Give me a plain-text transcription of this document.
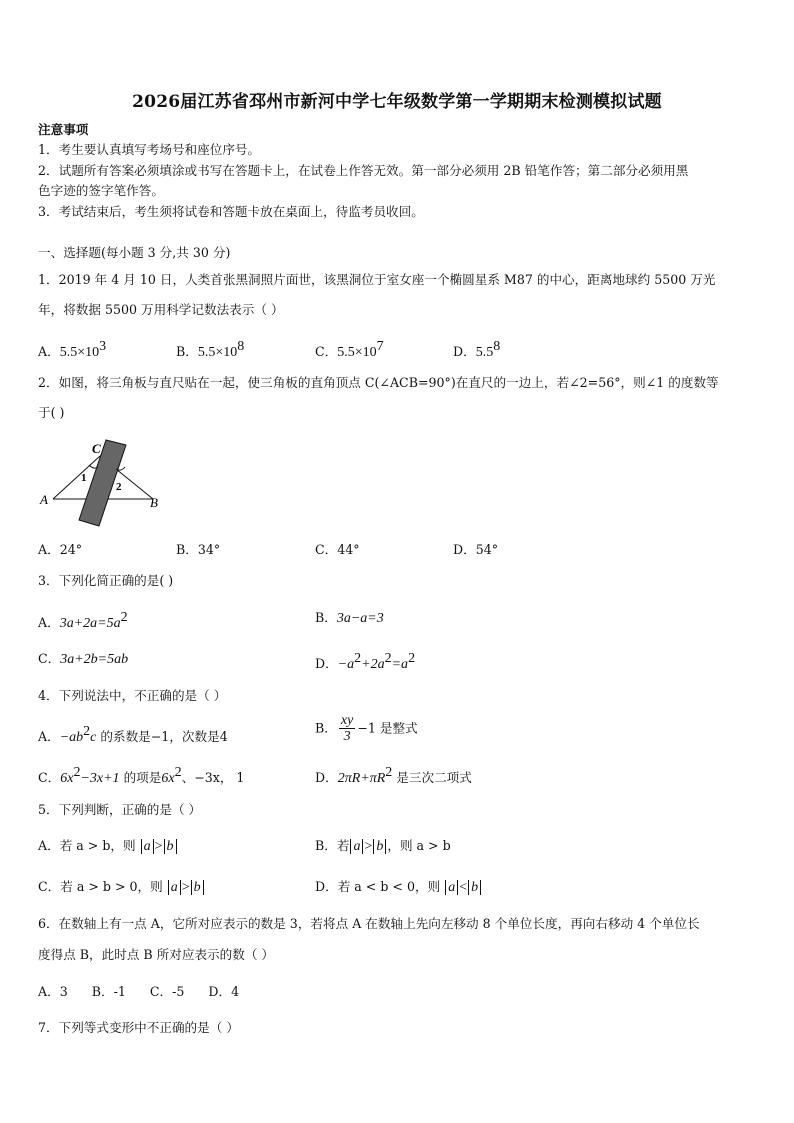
2026届江苏省邳州市新河中学七年级数学第一学期期末检测模拟试题
注意事项
1．考生要认真填写考场号和座位序号。
2．试题所有答案必须填涂或书写在答题卡上，在试卷上作答无效。第一部分必须用 2B 铅笔作答；第二部分必须用黑
色字迹的签字笔作答。
3．考试结束后，考生须将试卷和答题卡放在桌面上，待监考员收回。
一、选择题(每小题 3 分,共 30 分)
1．2019 年 4 月 10 日，人类首张黑洞照片面世，该黑洞位于室女座一个椭圆星系 M87 的中心，距离地球约 5500 万光
年，将数据 5500 万用科学记数法表示（ ）
A．$5.5\times 10^3$	B．$5.5\times 10^8$	C．$5.5\times 10^7$	D．$5.5^8$
2．如图，将三角板与直尺贴在一起，使三角板的直角顶点 C(∠ACB=90°)在直尺的一边上，若∠2=56°，则∠1 的度数等
于( )
C
A	B
1
2
A．24°	B．34°	C．44°	D．54°
3．下列化简正确的是( )
A．$3a+2a=5a^2$	B．3a−a=3
C．3a+2b=5ab	D．$-a^2+2a^2=a^2$
4．下列说法中，不正确的是（ ）
A．$-ab^2c$ 的系数是−1，次数是4
B． $\frac{xy}{3} -1$ 是整式
C．$6x^2-3x+1$ 的项是$6x^2$、−3x， 1	D．$2\pi R+\pi R^2$ 是三次二项式
5．下列判断，正确的是（ ）
A．若 a > b，则 a > b	B．若 a > b ，则 a > b
C．若 a > b > 0，则 a > b	D．若 a < b < 0，则 a < b
6．在数轴上有一点 A，它所对应表示的数是 3，若将点 A 在数轴上先向左移动 8 个单位长度，再向右移动 4 个单位长
度得点 B，此时点 B 所对应表示的数（ ）
A．3      B．-1      C．-5      D．4
7．下列等式变形中不正确的是（ ）
